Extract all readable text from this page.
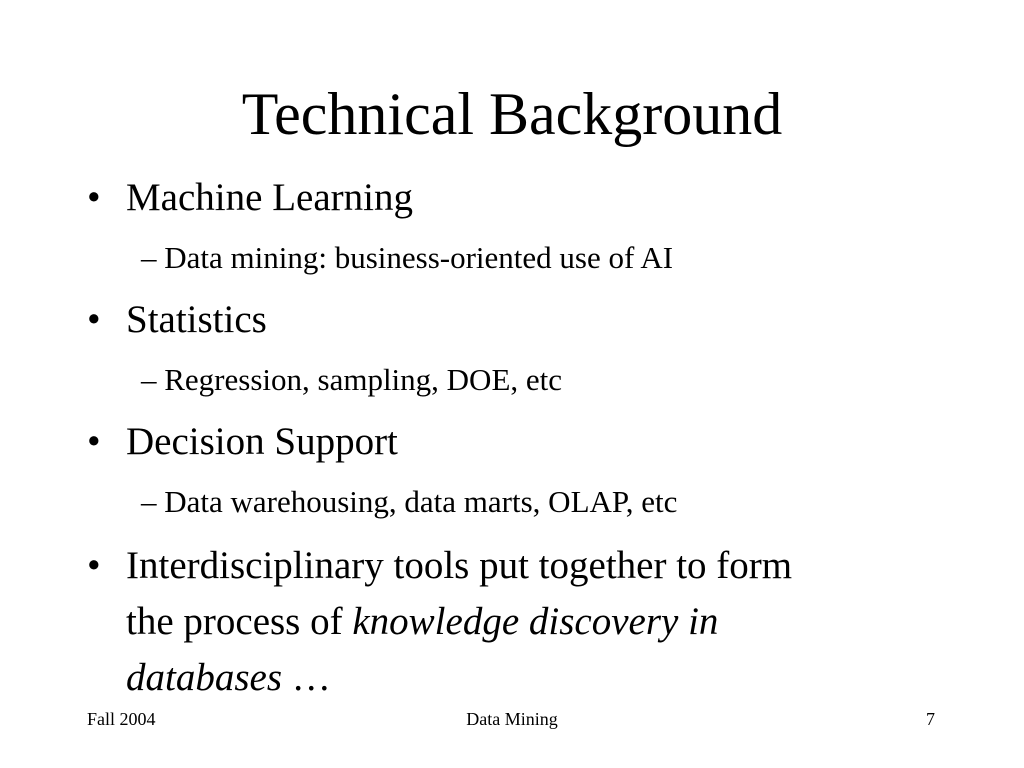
Technical Background
• Machine Learning
– Data mining: business-oriented use of AI
• Statistics
– Regression, sampling, DOE, etc
• Decision Support
– Data warehousing, data marts, OLAP, etc
• Interdisciplinary tools put together to form
the process of knowledge discovery in
databases …
Fall 2004	Data Mining	7
